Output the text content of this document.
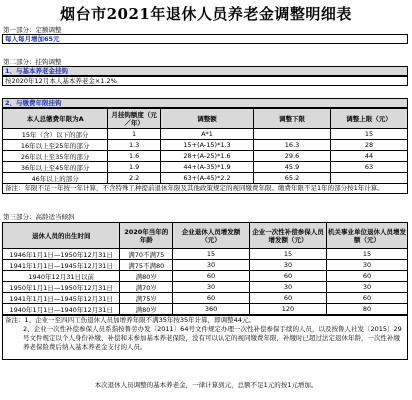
烟台市2021年退休人员养老金调整明细表
第一部分：定额调整
每人每月增加65元
第二部分：挂钩调整
1、与基本养老金挂钩
按2020年12月本人基本养老金×1.2%
2、与缴费年限挂钩
本人总缴费年限为A	月挂钩额度（元／年）	调整额	调整下限	调整上限（元）
15年（含）以下的部分	1	A*1		15
16年以上至25年的部分	1.3	15+(A-15)*1.3	16.3	28
26年以上至35年的部分	1.6	28+(A-25)*1.6	29.6	44
36年以上至45年的部分	1.9	44+(A-35)*1.9	45.9	63
46年以上的部分	2.2	63+(A-45)*2.2	65.2	
备注：年限不足一年按一年计算，不含特殊工种提前退休年限及其他政策规定的视同缴费年限。缴费年限不足1年的部分按1年计算。
第三部分：高龄适当倾斜
退休人员的出生时间	2020年当年的年龄	企业退休人员增发额（元）	企业一次性补偿参保人员增发额（元）	机关事业单位退休人员增发额（元）
1946年1月1日—1950年12月31日	满70不满75	15	15	15
1941年1月1日—1945年12月31日	满75不满80	30	30	30
1940年12月31日以前	满80岁	60	60	60
1950年1月1日—1950年12月31日	满70岁	30	30	30
1941年1月1日—1945年12月31日	满75岁	60	60	60
1940年1月1日—1940年12月31日	满80岁	360	120	80
备注：1、企业一至四四工伤退休人员加增养年限不满35年按35年计算，即调整44元。
2、企业一次性补偿参保人员系指按鲁劳办发〔2011〕64号文件规定办理一次性补偿参保手续的人员，以及按鲁人社发〔2015〕29号文件规定以个人身份补缴、补偿和未参加基本养老保险，没有可以认定的视同缴费年限，补缴时已超过法定退休年龄，一次性补缴养老保险费后纳入基本养老金支付的人员。
本次退休人员调整的基本养老金，一律计算到元，总额不足1元的按1元增加。
